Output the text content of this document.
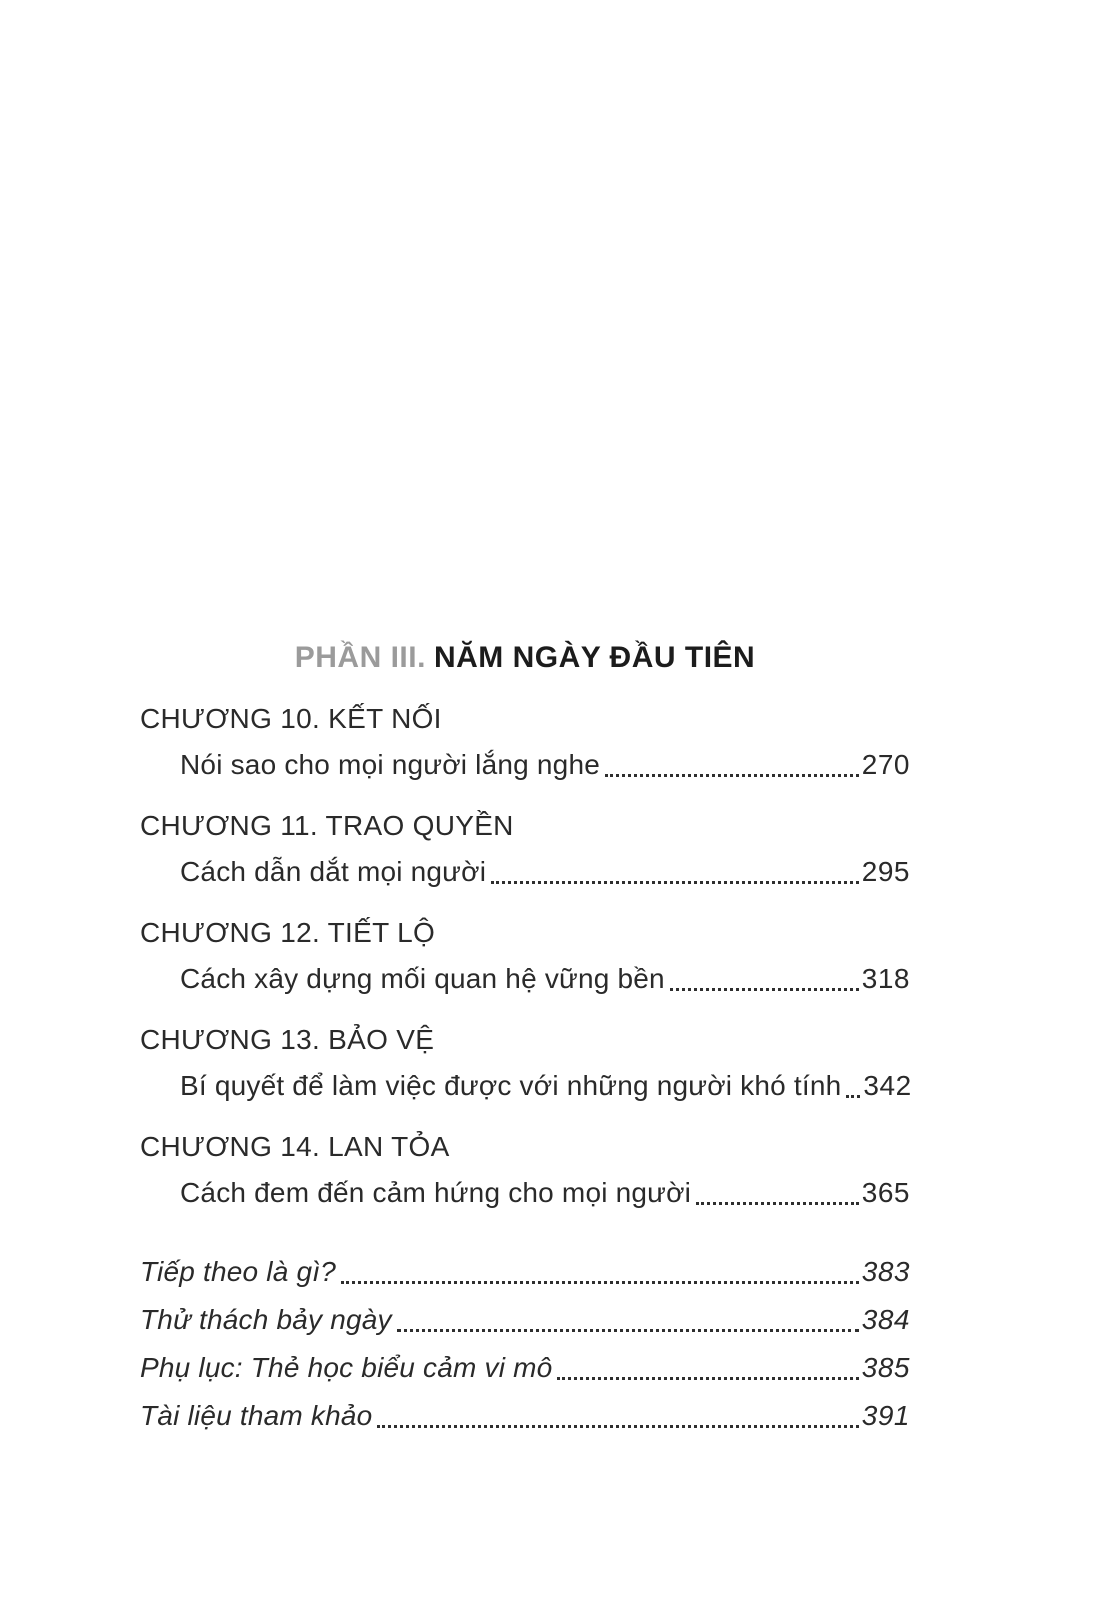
PHẦN III. NĂM NGÀY ĐẦU TIÊN
CHƯƠNG 10. KẾT NỐI
Nói sao cho mọi người lắng nghe	270
CHƯƠNG 11. TRAO QUYỀN
Cách dẫn dắt mọi người	295
CHƯƠNG 12. TIẾT LỘ
Cách xây dựng mối quan hệ vững bền	318
CHƯƠNG 13. BẢO VỆ
Bí quyết để làm việc được với những người khó tính 342
CHƯƠNG 14. LAN TỎA
Cách đem đến cảm hứng cho mọi người	365
Tiếp theo là gì?	383
Thử thách bảy ngày	384
Phụ lục: Thẻ học biểu cảm vi mô	385
Tài liệu tham khảo	391
